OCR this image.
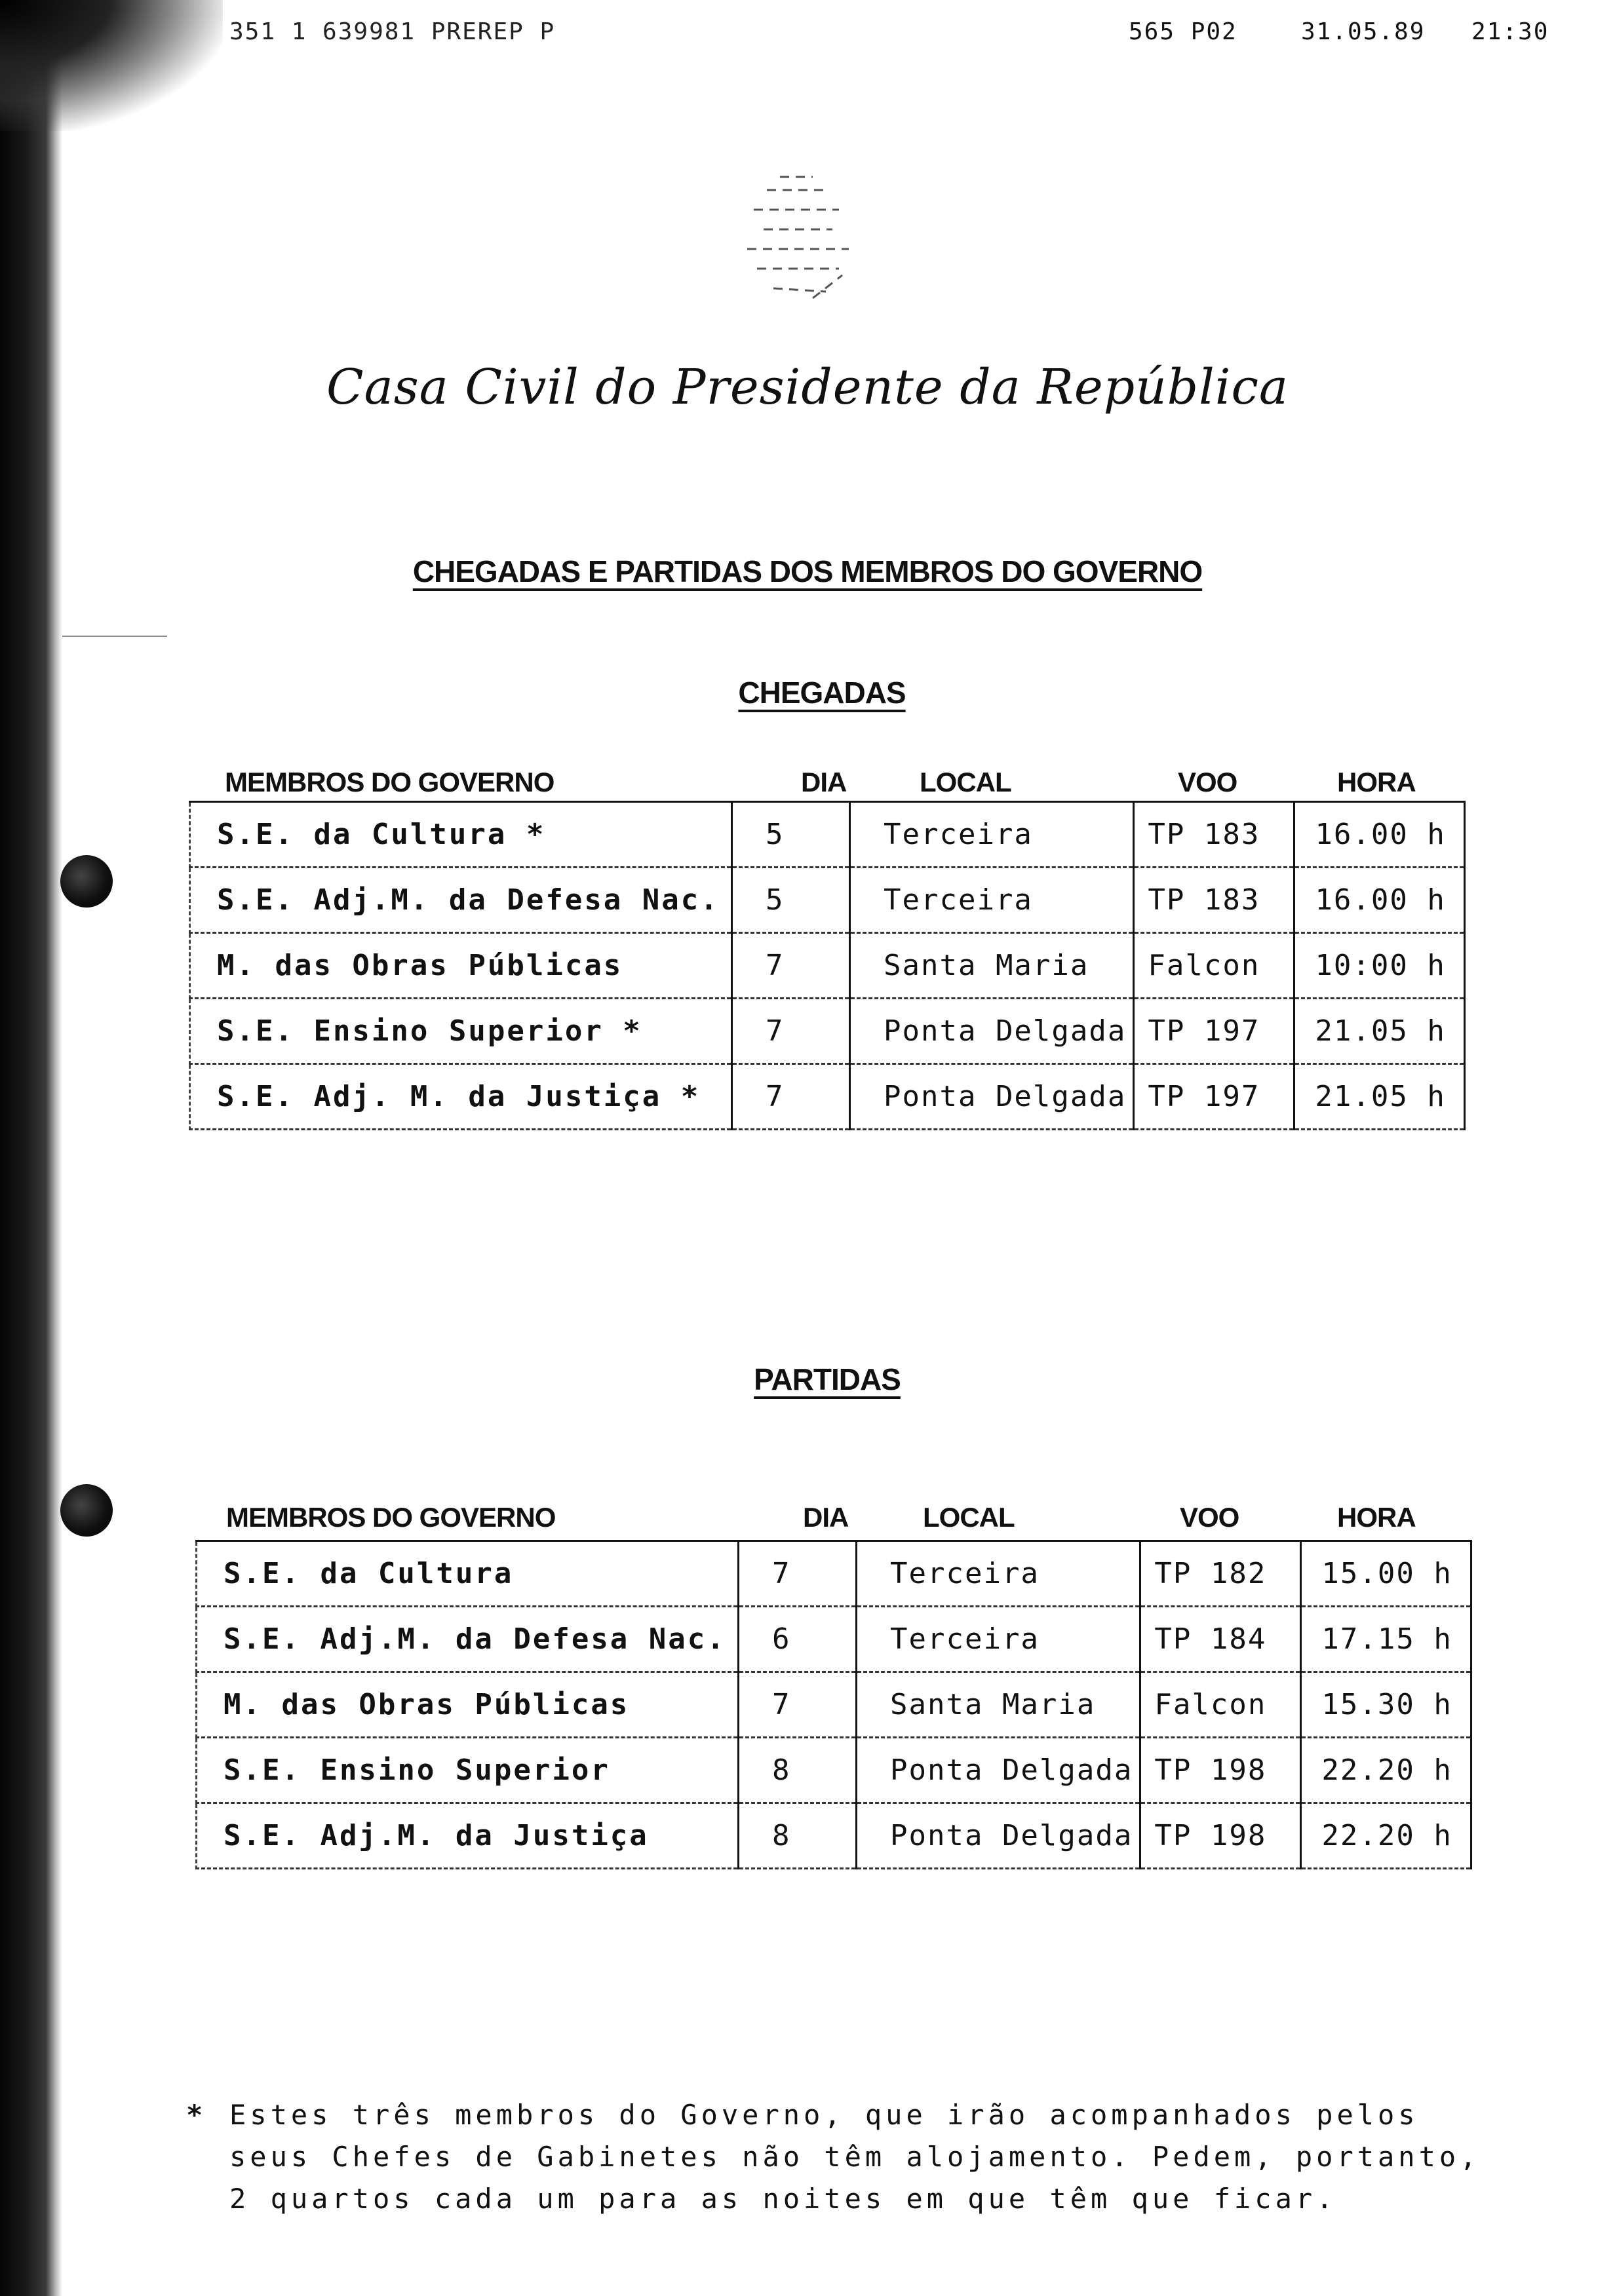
351 1 639981 PREREP P	565 P02	31.05.89 21:30
Casa Civil do Presidente da República
CHEGADAS E PARTIDAS DOS MEMBROS DO GOVERNO
CHEGADAS
MEMBROS DO GOVERNO	DIA	LOCAL	VOO	HORA
S.E. da Cultura *	5	Terceira	TP 183	16.00 h
S.E. Adj.M. da Defesa Nac.	5	Terceira	TP 183	16.00 h
M. das Obras Públicas	7	Santa Maria	Falcon	10:00 h
S.E. Ensino Superior *	7	Ponta Delgada	TP 197	21.05 h
S.E. Adj. M. da Justiça *	7	Ponta Delgada	TP 197	21.05 h
PARTIDAS
MEMBROS DO GOVERNO	DIA	LOCAL	VOO	HORA
S.E. da Cultura	7	Terceira	TP 182	15.00 h
S.E. Adj.M. da Defesa Nac.	6	Terceira	TP 184	17.15 h
M. das Obras Públicas	7	Santa Maria	Falcon	15.30 h
S.E. Ensino Superior	8	Ponta Delgada	TP 198	22.20 h
S.E. Adj.M. da Justiça	8	Ponta Delgada	TP 198	22.20 h
* Estes três membros do Governo, que irão acompanhados pelos seus Chefes de Gabinetes não têm alojamento. Pedem, portanto, 2 quartos cada um para as noites em que têm que ficar.
